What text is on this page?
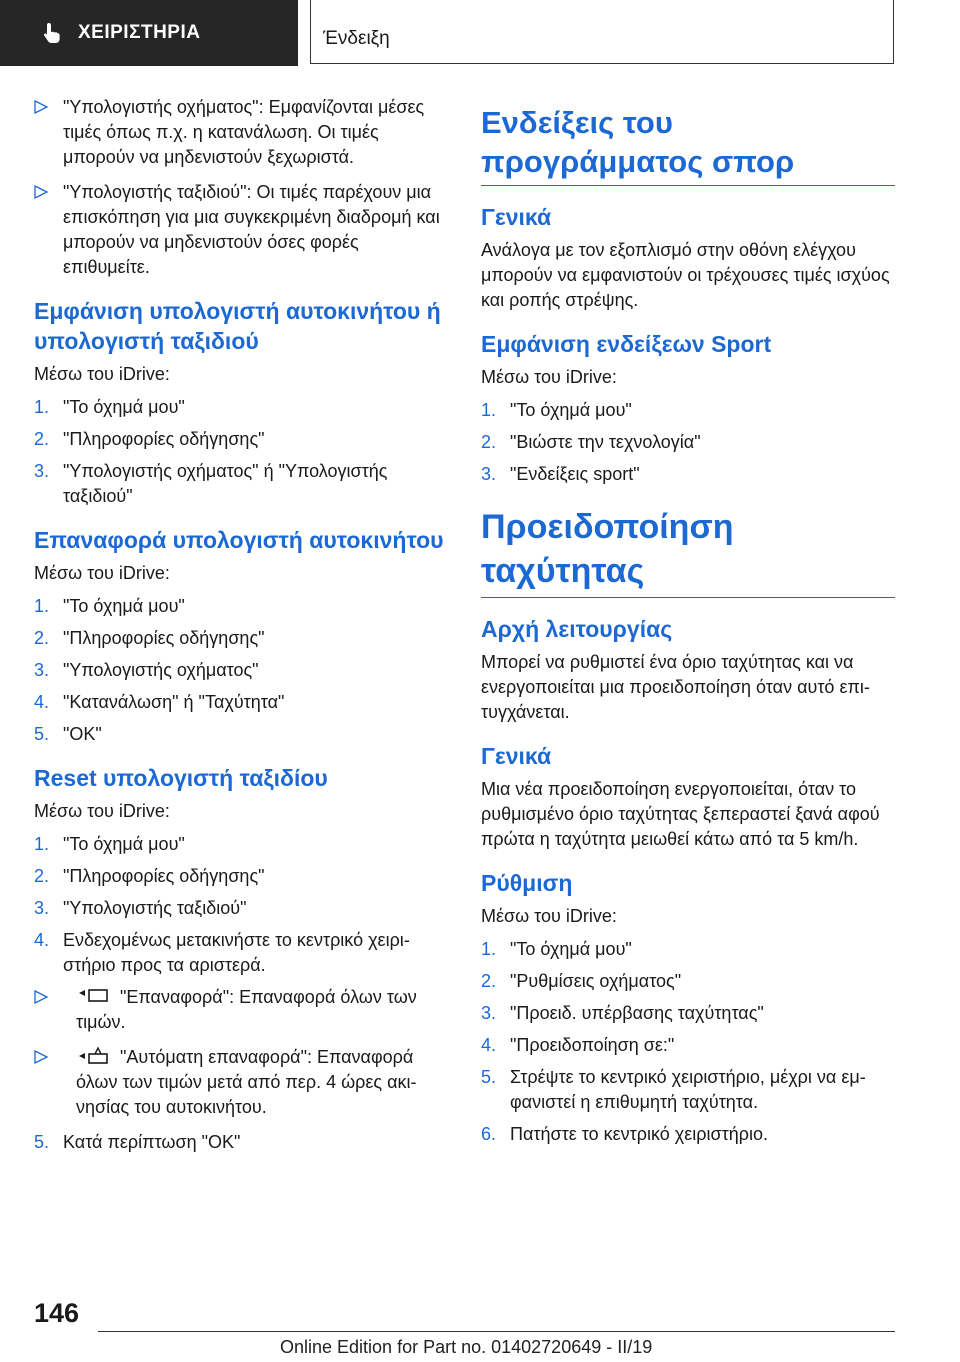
ΧΕΙΡΙΣΤΗΡΙΑ	Ένδειξη
"Υπολογιστής οχήματος": Εμφανίζονται μέσες τιμές όπως π.χ. η κατανάλωση. Οι τιμές μπορούν να μηδενιστούν ξεχωριστά.
"Υπολογιστής ταξιδιού": Οι τιμές παρέχουν μια επισκόπηση για μια συγκεκριμένη διαδρομή και μπορούν να μηδενιστούν όσες φορές επιθυμείτε.
Εμφάνιση υπολογιστή αυτοκινήτου ή υπολογιστή ταξιδιού

Μέσω του iDrive:

1. "Το όχημά μου"
2. "Πληροφορίες οδήγησης"
3. "Υπολογιστής οχήματος" ή "Υπολογιστής ταξιδιού"
Επαναφορά υπολογιστή αυτοκινήτου

Μέσω του iDrive:

1. "Το όχημά μου"
2. "Πληροφορίες οδήγησης"
3. "Υπολογιστής οχήματος"
4. "Κατανάλωση" ή "Ταχύτητα"
5. "OK"
Reset υπολογιστή ταξιδίου

Μέσω του iDrive:

1. "Το όχημά μου"
2. "Πληροφορίες οδήγησης"
3. "Υπολογιστής ταξιδιού"
4. Ενδεχομένως μετακινήστε το κεντρικό χειριστήριο προς τα αριστερά.
"Επαναφορά": Επαναφορά όλων των τιμών.
"Αυτόματη επαναφορά": Επαναφορά όλων των τιμών μετά από περ. 4 ώρες ακινησίας του αυτοκινήτου.
5. Κατά περίπτωση "OK"
Ενδείξεις του προγράμματος σπορ
Γενικά

Ανάλογα με τον εξοπλισμό στην οθόνη ελέγχου μπορούν να εμφανιστούν οι τρέχουσες τιμές ισχύος και ροπής στρέψης.

Εμφάνιση ενδείξεων Sport

Μέσω του iDrive:

1. "Το όχημά μου"
2. "Βιώστε την τεχνολογία"
3. "Ενδείξεις sport"
Προειδοποίηση ταχύτητας
Αρχή λειτουργίας

Μπορεί να ρυθμιστεί ένα όριο ταχύτητας και να ενεργοποιείται μια προειδοποίηση όταν αυτό επιτυγχάνεται.

Γενικά

Μια νέα προειδοποίηση ενεργοποιείται, όταν το ρυθμισμένο όριο ταχύτητας ξεπεραστεί ξανά αφού πρώτα η ταχύτητα μειωθεί κάτω από τα 5 km/h.

Ρύθμιση

Μέσω του iDrive:

1. "Το όχημά μου"
2. "Ρυθμίσεις οχήματος"
3. "Προειδ. υπέρβασης ταχύτητας"
4. "Προειδοποίηση σε:"
5. Στρέψτε το κεντρικό χειριστήριο, μέχρι να εμφανιστεί η επιθυμητή ταχύτητα.
6. Πατήστε το κεντρικό χειριστήριο.
146
Online Edition for Part no. 01402720649 - II/19
